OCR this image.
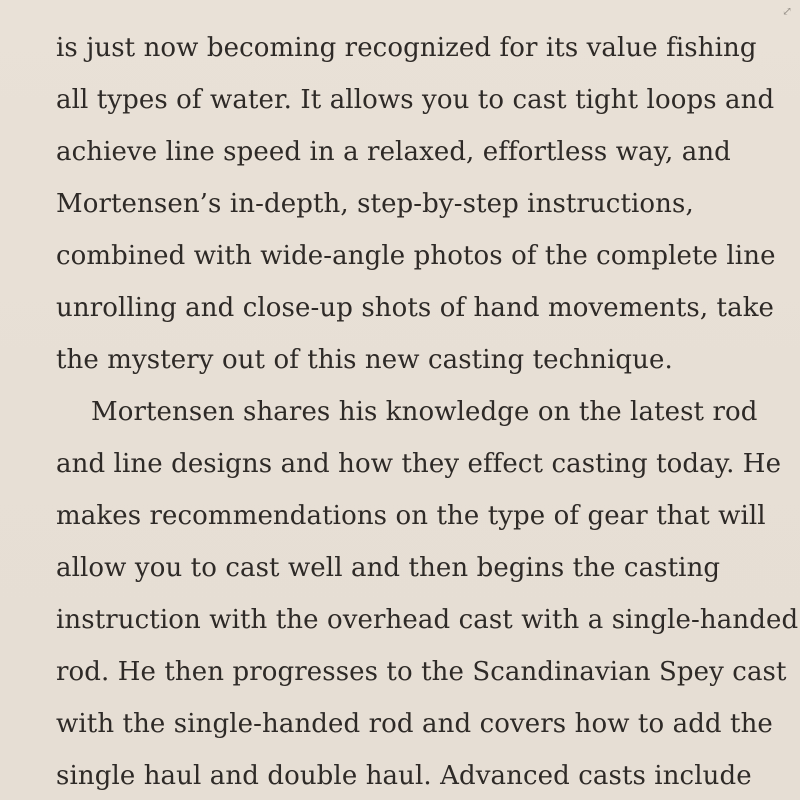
⤢
is just now becoming recognized for its value fishing
all types of water. It allows you to cast tight loops and
achieve line speed in a relaxed, effortless way, and
Mortensen’s in-depth, step-by-step instructions,
combined with wide-angle photos of the complete line
unrolling and close-up shots of hand movements, take
the mystery out of this new casting technique.
Mortensen shares his knowledge on the latest rod
and line designs and how they effect casting today. He
makes recommendations on the type of gear that will
allow you to cast well and then begins the casting
instruction with the overhead cast with a single-handed
rod. He then progresses to the Scandinavian Spey cast
with the single-handed rod and covers how to add the
single haul and double haul. Advanced casts include
